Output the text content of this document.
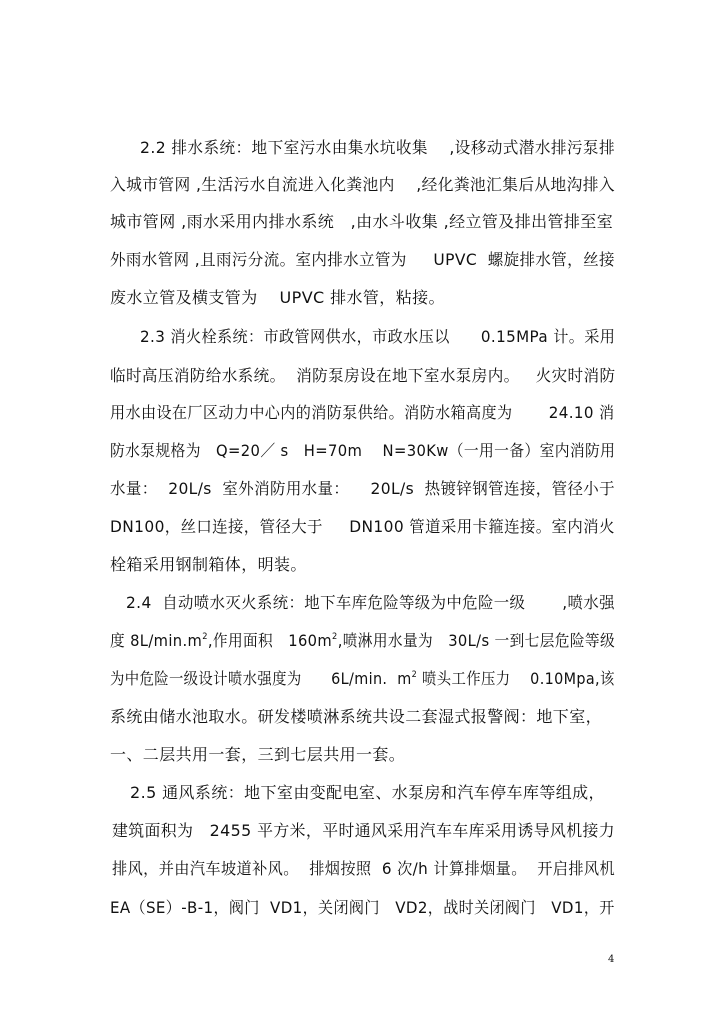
2.2 排水系统：地下室污水由集水坑收集    ,设移动式潜水排污泵排
入城市管网 ,生活污水自流进入化粪池内    ,经化粪池汇集后从地沟排入
城市管网 ,雨水采用内排水系统   ,由水斗收集 ,经立管及排出管排至室
外雨水管网 ,且雨污分流。室内排水立管为     UPVC  螺旋排水管，丝接
废水立管及横支管为    UPVC 排水管，粘接。
2.3 消火栓系统：市政管网供水，市政水压以      0.15MPa 计。采用
临时高压消防给水系统。  消防泵房设在地下室水泵房内。   火灾时消防
用水由设在厂区动力中心内的消防泵供给。消防水箱高度为       24.10 消
防水泵规格为   Q=20／ s   H=70m    N=30Kw（一用一备）室内消防用
水量：  20L/s  室外消防用水量：    20L/s  热镀锌钢管连接，管径小于
DN100，丝口连接，管径大于     DN100 管道采用卡箍连接。室内消火
栓箱采用钢制箱体，明装。
2.4  自动喷水灭火系统：地下车库危险等级为中危险一级       ,喷水强
度 $8L/\min.m^2$,作用面积   $160m^2$,喷淋用水量为   30L/s 一到七层危险等级
为中危险一级设计喷水强度为      6L/min.  $m^2$ 喷头工作压力    0.10Mpa,该
系统由储水池取水。研发楼喷淋系统共设二套湿式报警阀：地下室，
一、二层共用一套，三到七层共用一套。
2.5 通风系统：地下室由变配电室、水泵房和汽车停车库等组成，
建筑面积为   2455 平方米，平时通风采用汽车车库采用诱导风机接力
排风，并由汽车坡道补风。  排烟按照  6 次/h 计算排烟量。  开启排风机
EA（SE）-B-1，阀门  VD1，关闭阀门   VD2，战时关闭阀门   VD1，开
4
